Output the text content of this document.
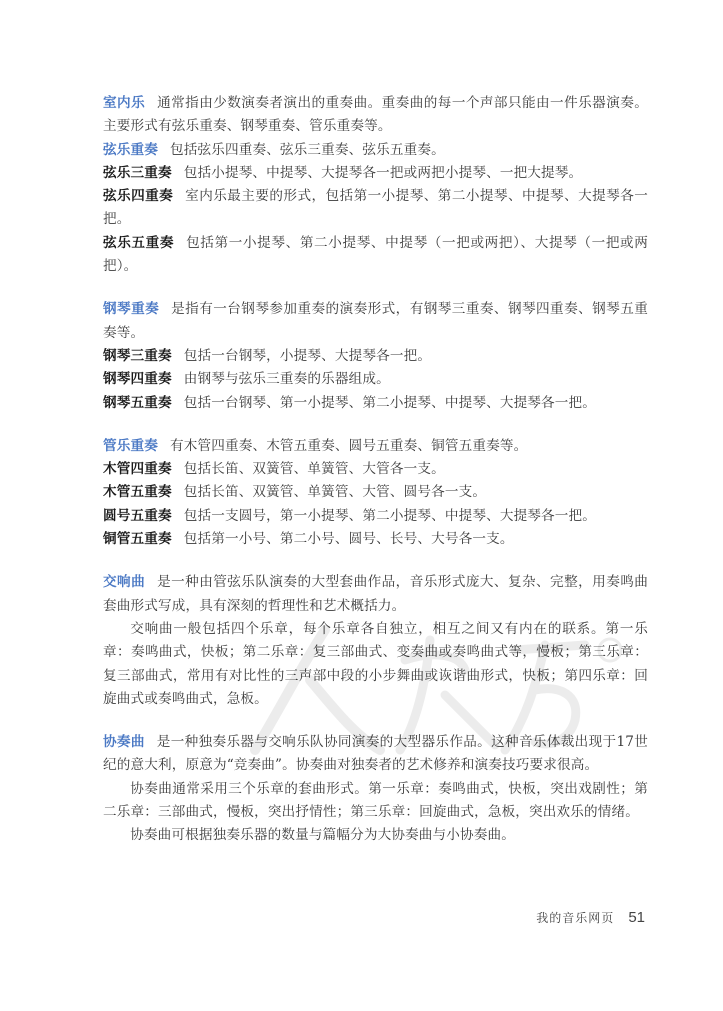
室内乐 通常指由少数演奏者演出的重奏曲。重奏曲的每一个声部只能由一件乐器演奏。主要形式有弦乐重奏、钢琴重奏、管乐重奏等。

弦乐重奏 包括弦乐四重奏、弦乐三重奏、弦乐五重奏。

弦乐三重奏 包括小提琴、中提琴、大提琴各一把或两把小提琴、一把大提琴。

弦乐四重奏 室内乐最主要的形式，包括第一小提琴、第二小提琴、中提琴、大提琴各一把。

弦乐五重奏 包括第一小提琴、第二小提琴、中提琴（一把或两把）、大提琴（一把或两把）。

钢琴重奏 是指有一台钢琴参加重奏的演奏形式，有钢琴三重奏、钢琴四重奏、钢琴五重奏等。

钢琴三重奏 包括一台钢琴，小提琴、大提琴各一把。

钢琴四重奏 由钢琴与弦乐三重奏的乐器组成。

钢琴五重奏 包括一台钢琴、第一小提琴、第二小提琴、中提琴、大提琴各一把。

管乐重奏 有木管四重奏、木管五重奏、圆号五重奏、铜管五重奏等。

木管四重奏 包括长笛、双簧管、单簧管、大管各一支。

木管五重奏 包括长笛、双簧管、单簧管、大管、圆号各一支。

圆号五重奏 包括一支圆号，第一小提琴、第二小提琴、中提琴、大提琴各一把。

铜管五重奏 包括第一小号、第二小号、圆号、长号、大号各一支。

交响曲 是一种由管弦乐队演奏的大型套曲作品，音乐形式庞大、复杂、完整，用奏鸣曲套曲形式写成，具有深刻的哲理性和艺术概括力。

交响曲一般包括四个乐章，每个乐章各自独立，相互之间又有内在的联系。第一乐章：奏鸣曲式，快板；第二乐章：复三部曲式、变奏曲或奏鸣曲式等，慢板；第三乐章：复三部曲式，常用有对比性的三声部中段的小步舞曲或诙谐曲形式，快板；第四乐章：回旋曲式或奏鸣曲式，急板。

协奏曲 是一种独奏乐器与交响乐队协同演奏的大型器乐作品。这种音乐体裁出现于17世纪的意大利，原意为“竞奏曲”。协奏曲对独奏者的艺术修养和演奏技巧要求很高。

协奏曲通常采用三个乐章的套曲形式。第一乐章：奏鸣曲式，快板，突出戏剧性；第二乐章：三部曲式，慢板，突出抒情性；第三乐章：回旋曲式，急板，突出欢乐的情绪。

协奏曲可根据独奏乐器的数量与篇幅分为大协奏曲与小协奏曲。

我的音乐网页 51
